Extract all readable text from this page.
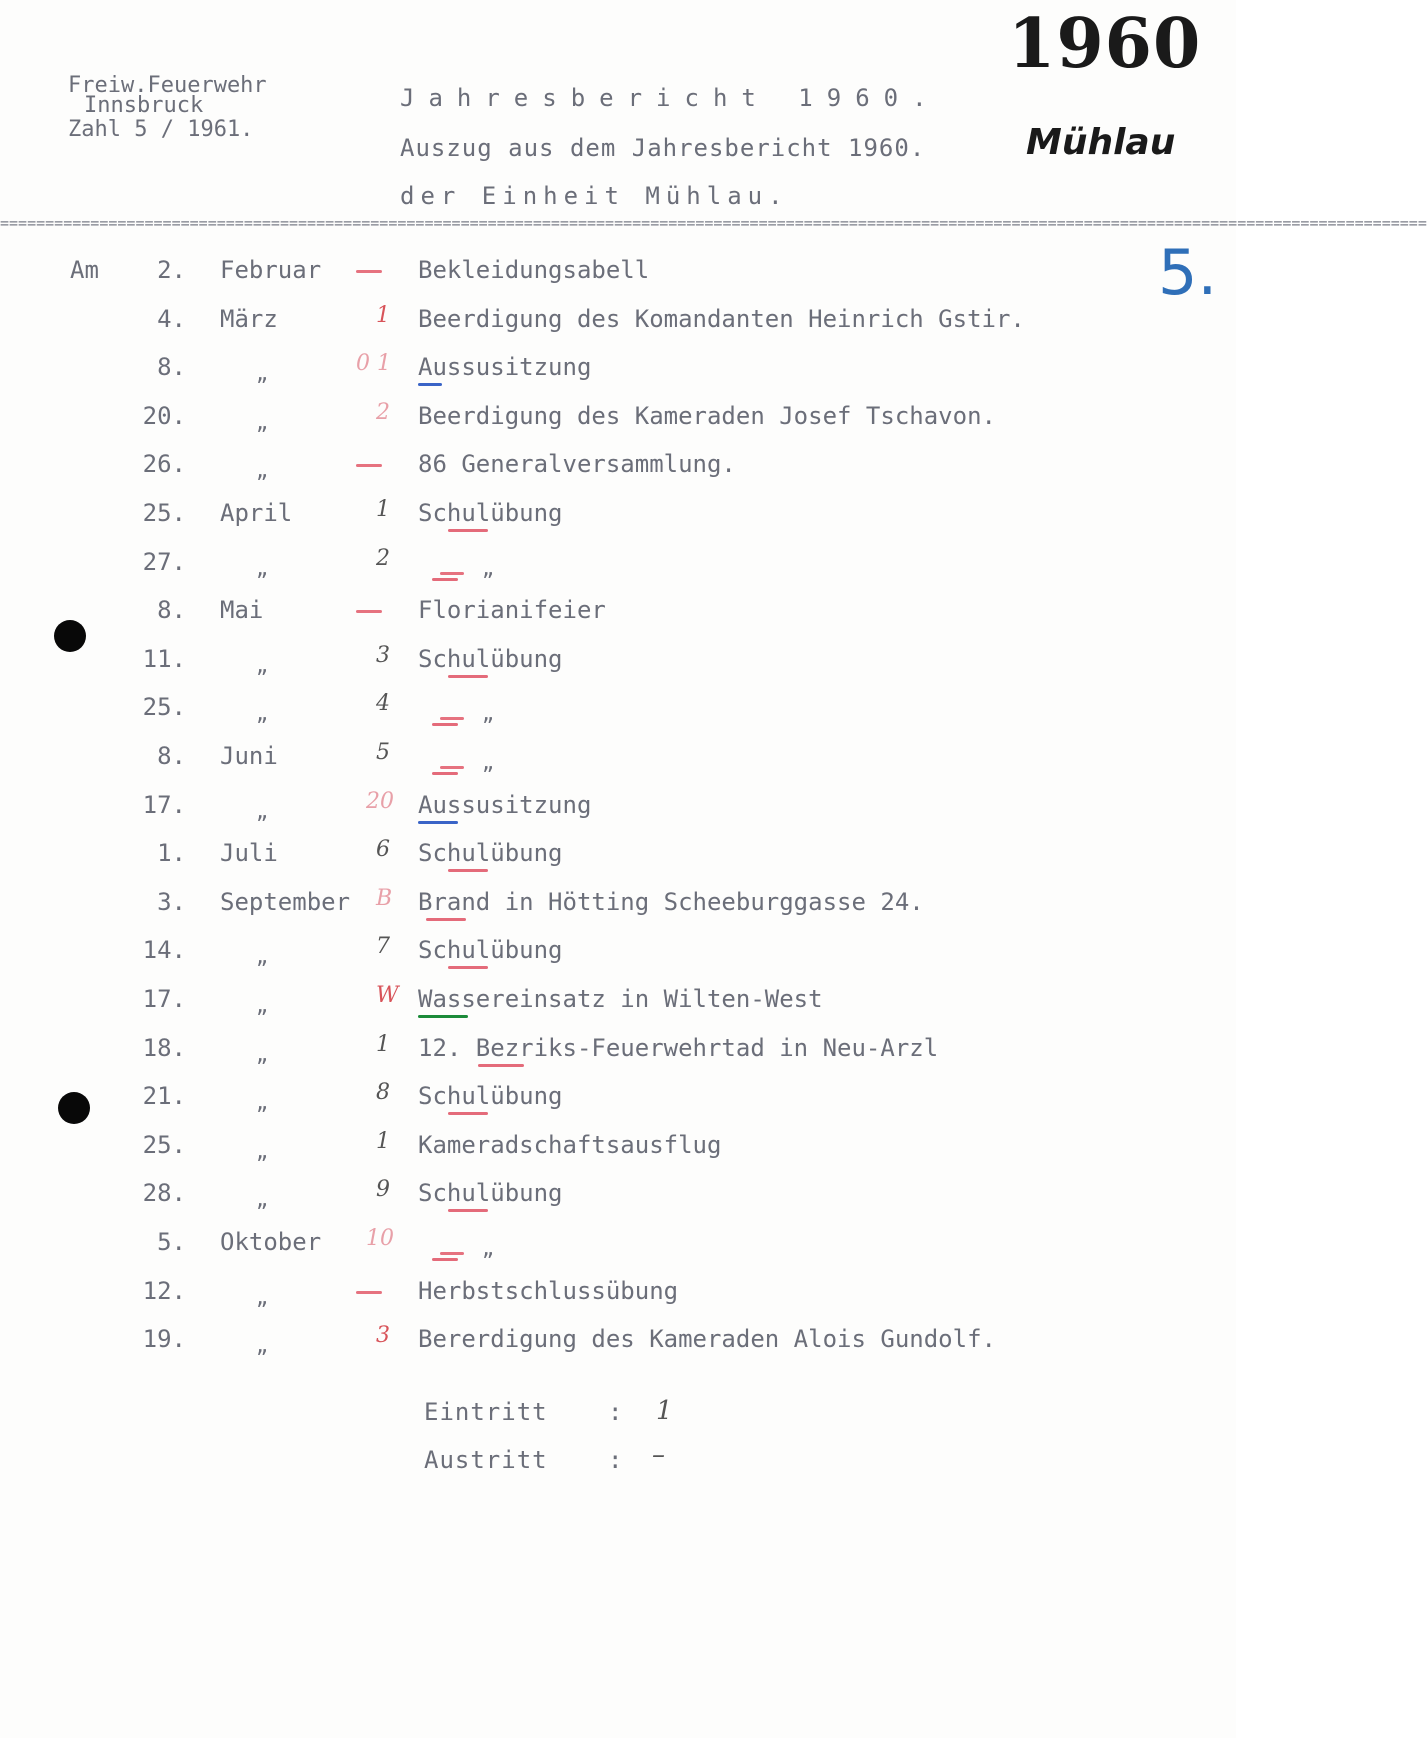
Freiw.Feuerwehr
Innsbruck
Zahl 5 / 1961.
Jahresbericht 1960.
Auszug aus dem Jahresbericht 1960.
der Einheit Mühlau.
1960
Mühlau
5.
==============================================================================================================================================================
Am 2. Februar	Bekleidungsabell
4. März	1 Beerdigung des Komandanten Heinrich Gstir.
8.	„	0 1 Aussusitzung
20.	„	2 Beerdigung des Kameraden Josef Tschavon.
26.	„	86 Generalversammlung.
25. April	1 Schulübung
27.	„	2	„
8. Mai	Florianifeier
11.	„	3 Schulübung
25.	„	4	„
8. Juni	5	„
17.	„	20 Aussusitzung
1. Juli	6 Schulübung
3. September B Brand in Hötting Scheeburggasse 24.
14.	„	7 Schulübung
17.	„	W Wassereinsatz in Wilten-West
18.	„	1 12. Bezriks-Feuerwehrtad in Neu-Arzl
21.	„	8 Schulübung
25.	„	1 Kameradschaftsausflug
28.	„	9 Schulübung
5. Oktober 10	„
12.	„	Herbstschlussübung
19.	„	3 Bererdigung des Kameraden Alois Gundolf.
Eintritt	: 1
Austritt	: –
